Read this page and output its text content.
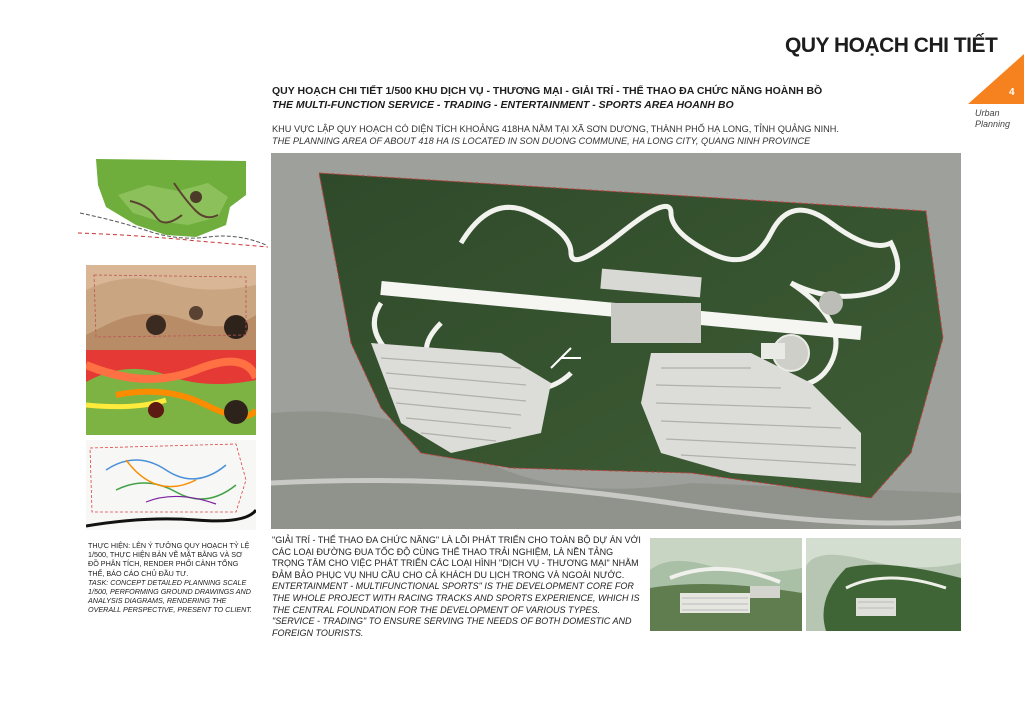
QUY HOẠCH CHI TIẾT
4
Urban Planning
QUY HOẠCH CHI TIẾT 1/500 KHU DỊCH VỤ - THƯƠNG MẠI - GIẢI TRÍ - THỂ THAO ĐA CHỨC NĂNG HOÀNH BỒ
THE MULTI-FUNCTION SERVICE - TRADING - ENTERTAINMENT - SPORTS AREA HOANH BO
KHU VỰC LẬP QUY HOẠCH CÓ DIỆN TÍCH KHOẢNG 418HA NẰM TẠI XÃ SƠN DƯƠNG, THÀNH PHỐ HẠ LONG, TỈNH QUẢNG NINH.
THE PLANNING AREA OF ABOUT 418 HA IS LOCATED IN SON DUONG COMMUNE, HA LONG CITY, QUANG NINH PROVINCE

THỰC HIỆN: LÊN Ý TƯỞNG QUY HOẠCH TỶ LỆ 1/500, THỰC HIỆN BẢN VẼ MẶT BẰNG VÀ SƠ ĐỒ PHÂN TÍCH, RENDER PHỐI CẢNH TỔNG THỂ, BÁO CÁO CHỦ ĐẦU TƯ.

TASK: CONCEPT DETAILED PLANNING SCALE 1/500, PERFORMING GROUND DRAWINGS AND ANALYSIS DIAGRAMS, RENDERING THE OVERALL PERSPECTIVE, PRESENT TO CLIENT.

"GIẢI TRÍ - THỂ THAO ĐA CHỨC NĂNG" LÀ LÕI PHÁT TRIỂN CHO TOÀN BỘ DỰ ÁN VỚI CÁC LOẠI ĐƯỜNG ĐUA TỐC ĐỘ CÙNG THỂ THAO TRẢI NGHIỆM, LÀ NỀN TẢNG TRỌNG TÂM CHO VIỆC PHÁT TRIỂN CÁC LOẠI HÌNH "DỊCH VỤ - THƯƠNG MẠI" NHẰM ĐẢM BẢO PHỤC VỤ NHU CẦU CHO CẢ KHÁCH DU LỊCH TRONG VÀ NGOÀI NƯỚC.

ENTERTAINMENT - MULTIFUNCTIONAL SPORTS" IS THE DEVELOPMENT CORE FOR THE WHOLE PROJECT WITH RACING TRACKS AND SPORTS EXPERIENCE, WHICH IS THE CENTRAL FOUNDATION FOR THE DEVELOPMENT OF VARIOUS TYPES. "SERVICE - TRADING" TO ENSURE SERVING THE NEEDS OF BOTH DOMESTIC AND FOREIGN TOURISTS.
